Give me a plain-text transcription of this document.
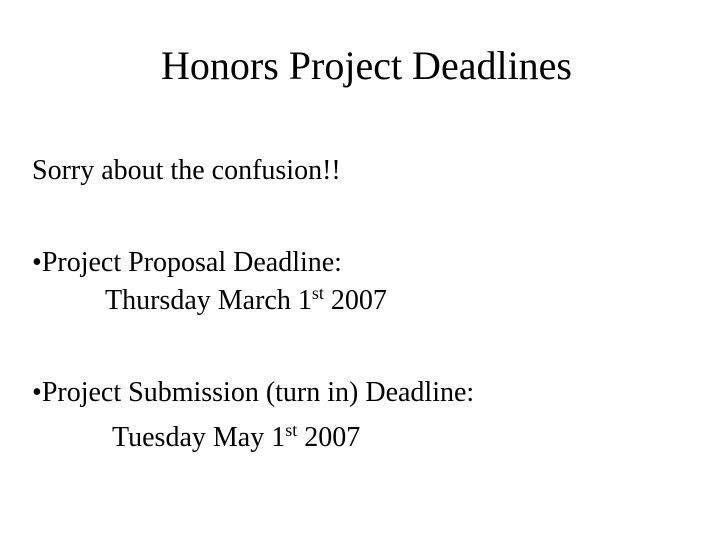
Honors Project Deadlines
Sorry about the confusion!!
•Project Proposal Deadline:
Thursday March 1st 2007
•Project Submission (turn in) Deadline:
Tuesday May 1st 2007
